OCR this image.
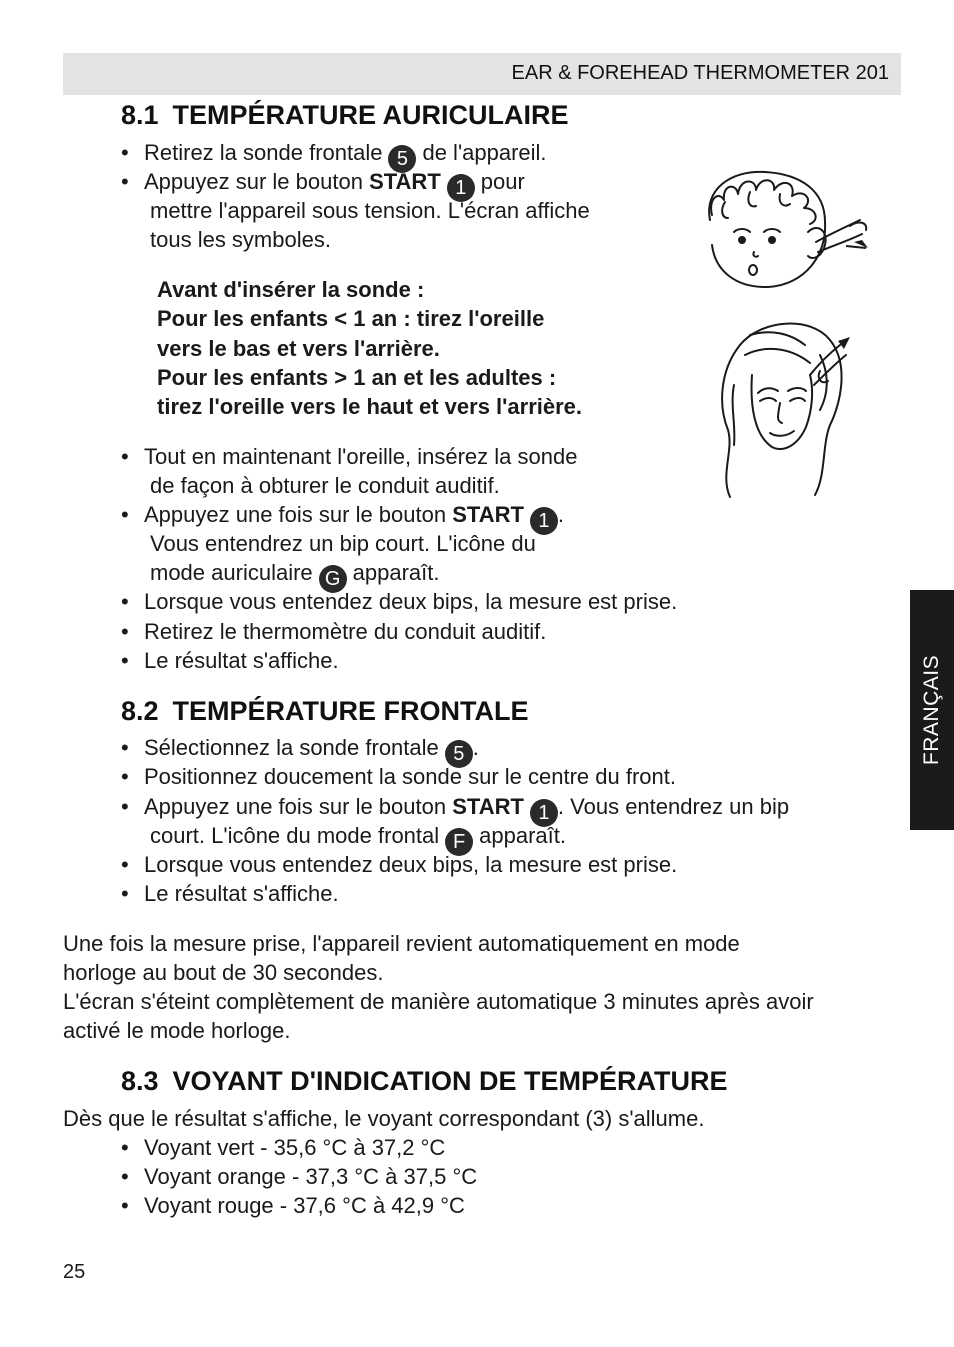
EAR & FOREHEAD THERMOMETER 201
FRANÇAIS
8.1 TEMPÉRATURE AURICULAIRE
• Retirez la sonde frontale 5 de l'appareil.
• Appuyez sur le bouton START 1 pour
mettre l'appareil sous tension. L'écran affiche
tous les symboles.
Avant d'insérer la sonde :
Pour les enfants < 1 an : tirez l'oreille
vers le bas et vers l'arrière.
Pour les enfants > 1 an et les adultes :
tirez l'oreille vers le haut et vers l'arrière.
• Tout en maintenant l'oreille, insérez la sonde
de façon à obturer le conduit auditif.
• Appuyez une fois sur le bouton START 1 .
Vous entendrez un bip court. L'icône du
mode auriculaire G apparaît.
• Lorsque vous entendez deux bips, la mesure est prise.
• Retirez le thermomètre du conduit auditif.
• Le résultat s'affiche.
8.2 TEMPÉRATURE FRONTALE
• Sélectionnez la sonde frontale 5 .
• Positionnez doucement la sonde sur le centre du front.
• Appuyez une fois sur le bouton START 1 . Vous entendrez un bip
court. L'icône du mode frontal F apparaît.
• Lorsque vous entendez deux bips, la mesure est prise.
• Le résultat s'affiche.
Une fois la mesure prise, l'appareil revient automatiquement en mode
horloge au bout de 30 secondes.
L'écran s'éteint complètement de manière automatique 3 minutes après avoir
activé le mode horloge.
8.3 VOYANT D'INDICATION DE TEMPÉRATURE
Dès que le résultat s'affiche, le voyant correspondant (3) s'allume.
• Voyant vert - 35,6 °C à 37,2 °C
• Voyant orange - 37,3 °C à 37,5 °C
• Voyant rouge - 37,6 °C à 42,9 °C
25
